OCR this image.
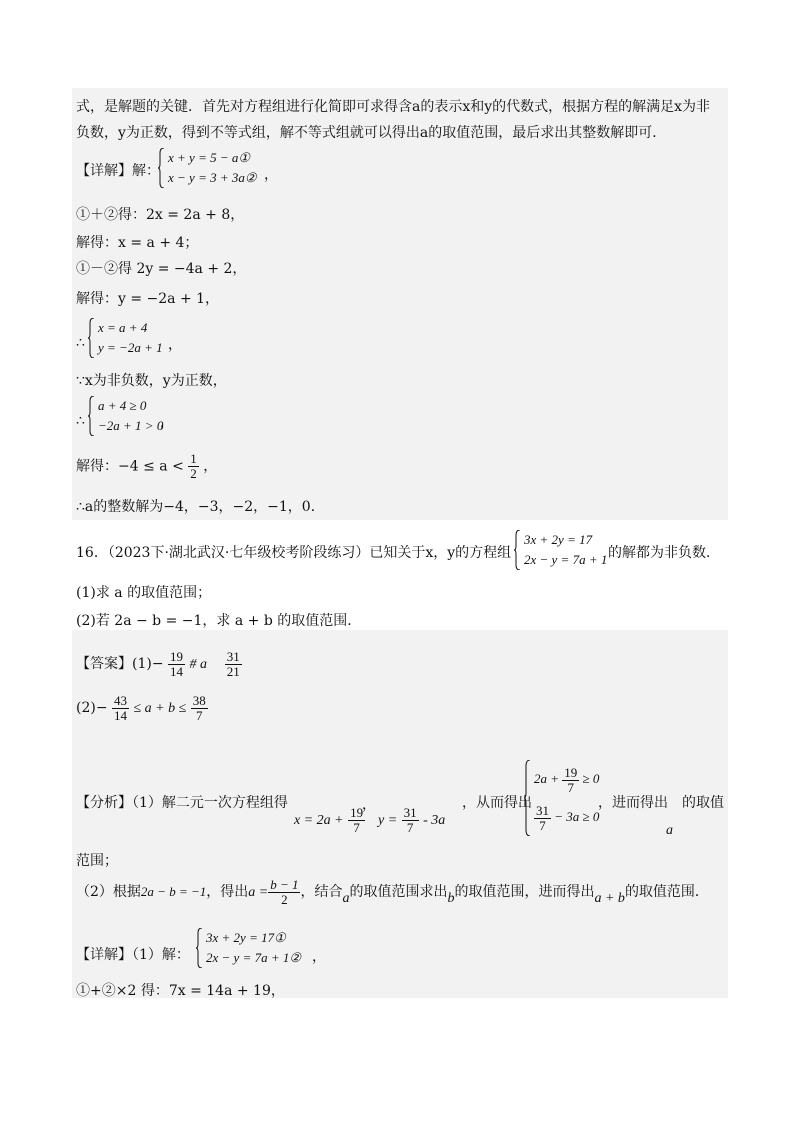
式，是解题的关键．首先对方程组进行化简即可求得含a的表示x和y的代数式，根据方程的解满足x为非
负数，y为正数，得到不等式组，解不等式组就可以得出a的取值范围，最后求出其整数解即可．
【详解】解：
x + y = 5 − a①
x − y = 3 + 3a② ，
①＋②得：2x = 2a + 8，
解得：x = a + 4；
①－②得 2y = −4a + 2，
解得：y = −2a + 1，
∴
x = a + 4
y = −2a + 1 ，
∵x为非负数，y为正数，
∴
a + 4 ≥ 0
−2a + 1 > 0
，
解得：$-4 \le a < \frac{1}{2}$ ，
∴a的整数解为−4，−3，−2，−1，0．
16．（2023下·湖北武汉·七年级校考阶段练习）已知关于x，y的方程组
3x + 2y = 17
2x − y = 7a + 1 的解都为非负数．
(1)求 a 的取值范围；
(2)若 2a − b = −1，求 a + b 的取值范围．
【答案】$(1)- \frac{19}{14}$ # a $\frac{31}{21}$
$(2)- \frac{43}{14} \le a + b \le \frac{38}{7}$
【分析】（1）解二元一次方程组得
$x = 2a + \frac{19}{7}$
，
$y = \frac{31}{7} - 3a$
，从而得出
$2a + \frac{19}{7} \ge 0$
$\frac{31}{7} - 3a \ge 0$
，进而得出　的取值
a
范围；
（2）根据2a − b = −1，得出$a = \frac{b - 1}{2}$ ，结合a的取值范围求出b的取值范围，进而得出a + b的取值范围．
【详解】（1）解：
3x + 2y = 17①
2x − y = 7a + 1② ，
①+②×2 得：7x = 14a + 19，
